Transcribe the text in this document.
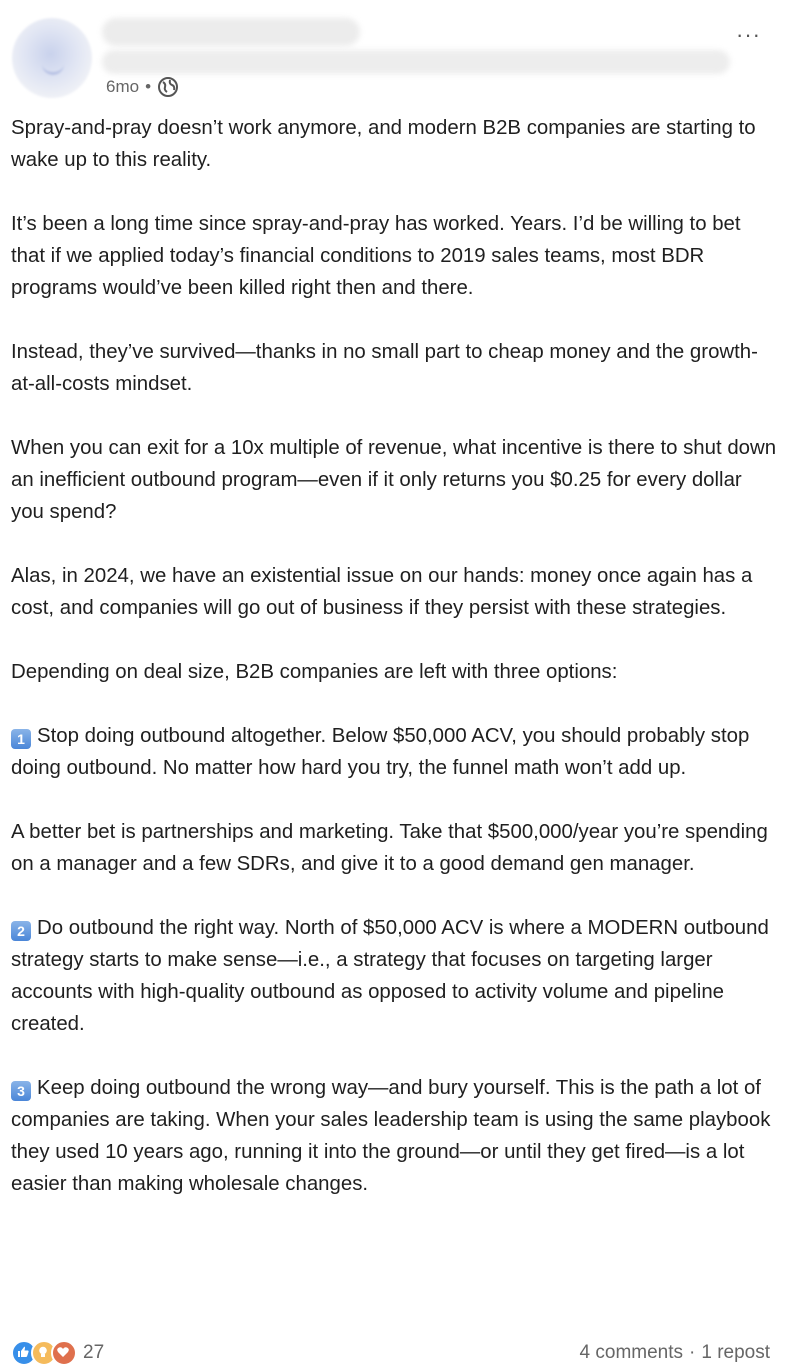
6mo •
···

Spray-and-pray doesn’t work anymore, and modern B2B companies are starting to wake up to this reality.

It’s been a long time since spray-and-pray has worked. Years. I’d be willing to bet that if we applied today’s financial conditions to 2019 sales teams, most BDR programs would’ve been killed right then and there.

Instead, they’ve survived—thanks in no small part to cheap money and the growth-at-all-costs mindset.

When you can exit for a 10x multiple of revenue, what incentive is there to shut down an inefficient outbound program—even if it only returns you $0.25 for every dollar you spend?

Alas, in 2024, we have an existential issue on our hands: money once again has a cost, and companies will go out of business if they persist with these strategies.

Depending on deal size, B2B companies are left with three options:

1 Stop doing outbound altogether. Below $50,000 ACV, you should probably stop doing outbound. No matter how hard you try, the funnel math won’t add up.

A better bet is partnerships and marketing. Take that $500,000/year you’re spending on a manager and a few SDRs, and give it to a good demand gen manager.

2 Do outbound the right way. North of $50,000 ACV is where a MODERN outbound strategy starts to make sense—i.e., a strategy that focuses on targeting larger accounts with high-quality outbound as opposed to activity volume and pipeline created.

3 Keep doing outbound the wrong way—and bury yourself. This is the path a lot of companies are taking. When your sales leadership team is using the same playbook they used 10 years ago, running it into the ground—or until they get fired—is a lot easier than making wholesale changes.

27	4 comments · 1 repost
